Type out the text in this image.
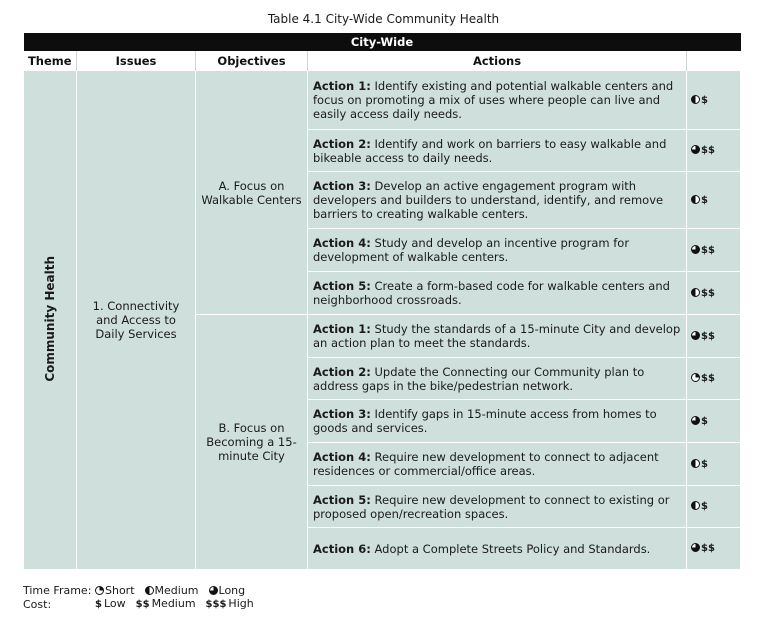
Table 4.1 City-Wide Community Health
City-Wide				
Theme	Issues	Objectives	Actions	
Community Health	1. Connectivity and Access to Daily Services	A. Focus on Walkable Centers	Action 1: Identify existing and potential walkable centers and focus on promoting a mix of uses where people can live and easily access daily needs.	$
			Action 2: Identify and work on barriers to easy walkable and bikeable access to daily needs.	$$
			Action 3: Develop an active engagement program with developers and builders to understand, identify, and remove barriers to creating walkable centers.	$
			Action 4: Study and develop an incentive program for development of walkable centers.	$$
			Action 5: Create a form-based code for walkable centers and neighborhood crossroads.	$$
		B. Focus on Becoming a 15-minute City	Action 1: Study the standards of a 15-minute City and develop an action plan to meet the standards.	$$
			Action 2: Update the Connecting our Community plan to address gaps in the bike/pedestrian network.	$$
			Action 3: Identify gaps in 15-minute access from homes to goods and services.	$
			Action 4: Require new development to connect to adjacent residences or commercial/office areas.	$
			Action 5: Require new development to connect to existing or proposed open/recreation spaces.	$
			Action 6: Adopt a Complete Streets Policy and Standards.	$$
Time Frame:	Short	Medium	Long
Cost:	$ Low $$ Medium $$$ High
